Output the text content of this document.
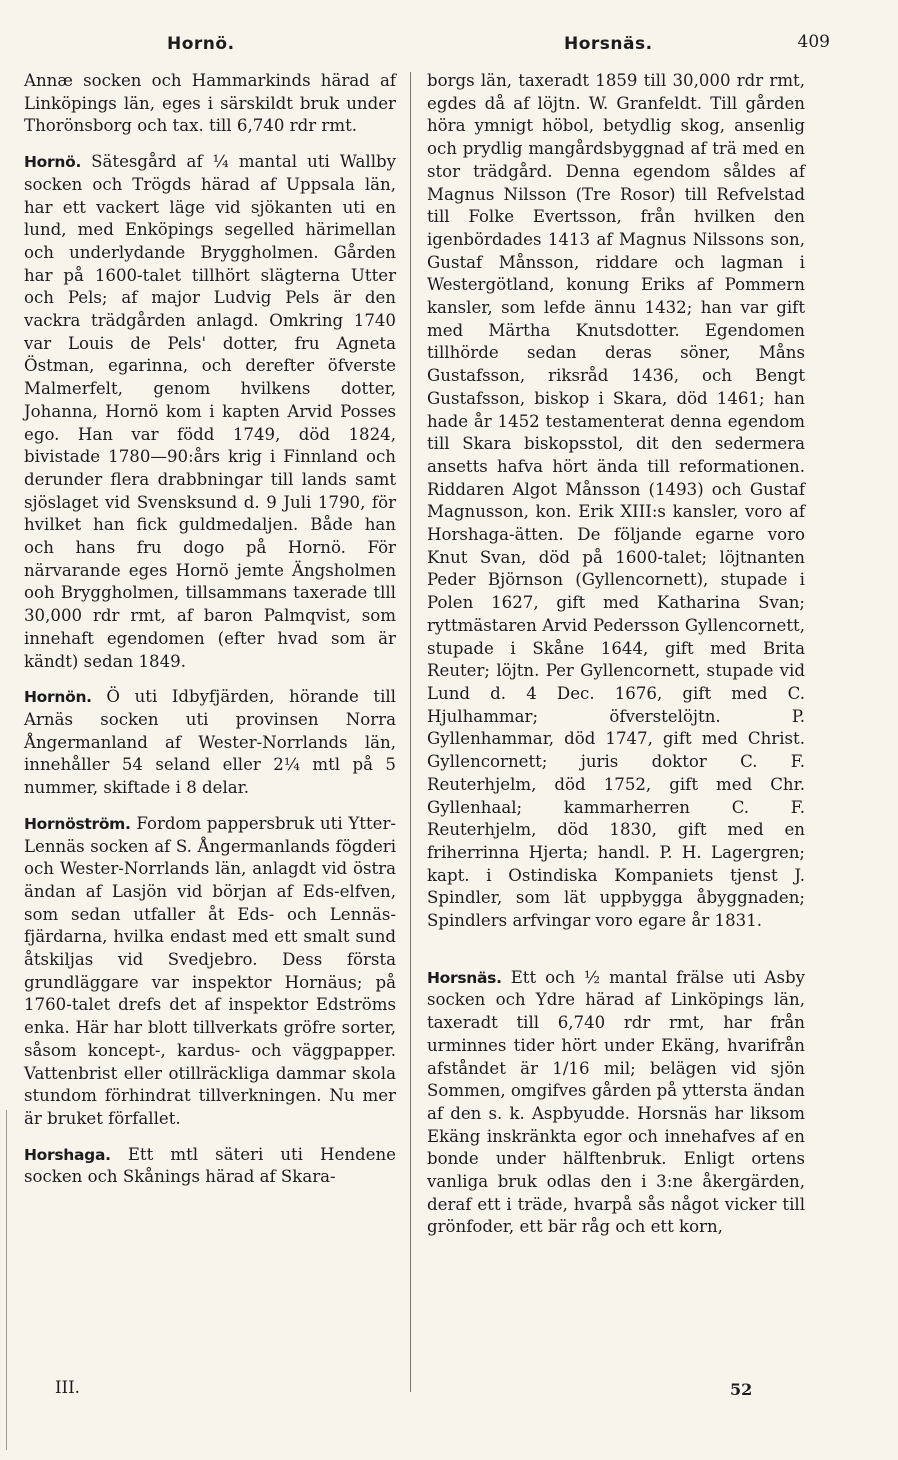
Hornö.	Horsnäs.	409

Annæ socken och Hammarkinds härad af Linköpings län, eges i särskildt bruk under Thorönsborg och tax. till 6,740 rdr rmt.

Hornö. Sätesgård af ¼ mantal uti Wallby socken och Trögds härad af Uppsala län, har ett vackert läge vid sjökanten uti en lund, med Enköpings segelled härimellan och underlydande Bryggholmen. Gården har på 1600-talet tillhört slägterna Utter och Pels; af major Ludvig Pels är den vackra trädgården anlagd. Omkring 1740 var Louis de Pels' dotter, fru Agneta Östman, egarinna, och derefter öfverste Malmerfelt, genom hvilkens dotter, Johanna, Hornö kom i kapten Arvid Posses ego. Han var född 1749, död 1824, bivistade 1780—90:års krig i Finnland och derunder flera drabbningar till lands samt sjöslaget vid Svensksund d. 9 Juli 1790, för hvilket han fick guldmedaljen. Både han och hans fru dogo på Hornö. För närvarande eges Hornö jemte Ängsholmen ooh Bryggholmen, tillsammans taxerade tlll 30,000 rdr rmt, af baron Palmqvist, som innehaft egendomen (efter hvad som är kändt) sedan 1849.

Hornön. Ö uti Idbyfjärden, hörande till Arnäs socken uti provinsen Norra Ångermanland af Wester-Norrlands län, innehåller 54 seland eller 2¼ mtl på 5 nummer, skiftade i 8 delar.

Hornöström. Fordom pappersbruk uti Ytter-Lennäs socken af S. Ångermanlands fögderi och Wester-Norrlands län, anlagdt vid östra ändan af Lasjön vid början af Eds-elfven, som sedan utfaller åt Eds- och Lennäs-fjärdarna, hvilka endast med ett smalt sund åtskiljas vid Svedjebro. Dess första grundläggare var inspektor Hornäus; på 1760-talet drefs det af inspektor Edströms enka. Här har blott tillverkats gröfre sorter, såsom koncept-, kardus- och väggpapper. Vattenbrist eller otillräckliga dammar skola stundom förhindrat tillverkningen. Nu mer är bruket förfallet.

Horshaga. Ett mtl säteri uti Hendene socken och Skånings härad af Skara-

borgs län, taxeradt 1859 till 30,000 rdr rmt, egdes då af löjtn. W. Granfeldt. Till gården höra ymnigt höbol, betydlig skog, ansenlig och prydlig mangårdsbyggnad af trä med en stor trädgård. Denna egendom såldes af Magnus Nilsson (Tre Rosor) till Refvelstad till Folke Evertsson, från hvilken den igenbördades 1413 af Magnus Nilssons son, Gustaf Månsson, riddare och lagman i Westergötland, konung Eriks af Pommern kansler, som lefde ännu 1432; han var gift med Märtha Knutsdotter. Egendomen tillhörde sedan deras söner, Måns Gustafsson, riksråd 1436, och Bengt Gustafsson, biskop i Skara, död 1461; han hade år 1452 testamenterat denna egendom till Skara biskopsstol, dit den sedermera ansetts hafva hört ända till reformationen. Riddaren Algot Månsson (1493) och Gustaf Magnusson, kon. Erik XIII:s kansler, voro af Horshaga-ätten. De följande egarne voro Knut Svan, död på 1600-talet; löjtnanten Peder Björnson (Gyllencornett), stupade i Polen 1627, gift med Katharina Svan; ryttmästaren Arvid Pedersson Gyllencornett, stupade i Skåne 1644, gift med Brita Reuter; löjtn. Per Gyllencornett, stupade vid Lund d. 4 Dec. 1676, gift med C. Hjulhammar; öfverstelöjtn. P. Gyllenhammar, död 1747, gift med Christ. Gyllencornett; juris doktor C. F. Reuterhjelm, död 1752, gift med Chr. Gyllenhaal; kammarherren C. F. Reuterhjelm, död 1830, gift med en friherrinna Hjerta; handl. P. H. Lagergren; kapt. i Ostindiska Kompaniets tjenst J. Spindler, som lät uppbygga åbyggnaden; Spindlers arfvingar voro egare år 1831.

Horsnäs. Ett och ½ mantal frälse uti Asby socken och Ydre härad af Linköpings län, taxeradt till 6,740 rdr rmt, har från urminnes tider hört under Ekäng, hvarifrån afståndet är 1/16 mil; belägen vid sjön Sommen, omgifves gården på yttersta ändan af den s. k. Aspbyudde. Horsnäs har liksom Ekäng inskränkta egor och innehafves af en bonde under hälftenbruk. Enligt ortens vanliga bruk odlas den i 3:ne åkergärden, deraf ett i träde, hvarpå sås något vicker till grönfoder, ett bär råg och ett korn,

III.	52
